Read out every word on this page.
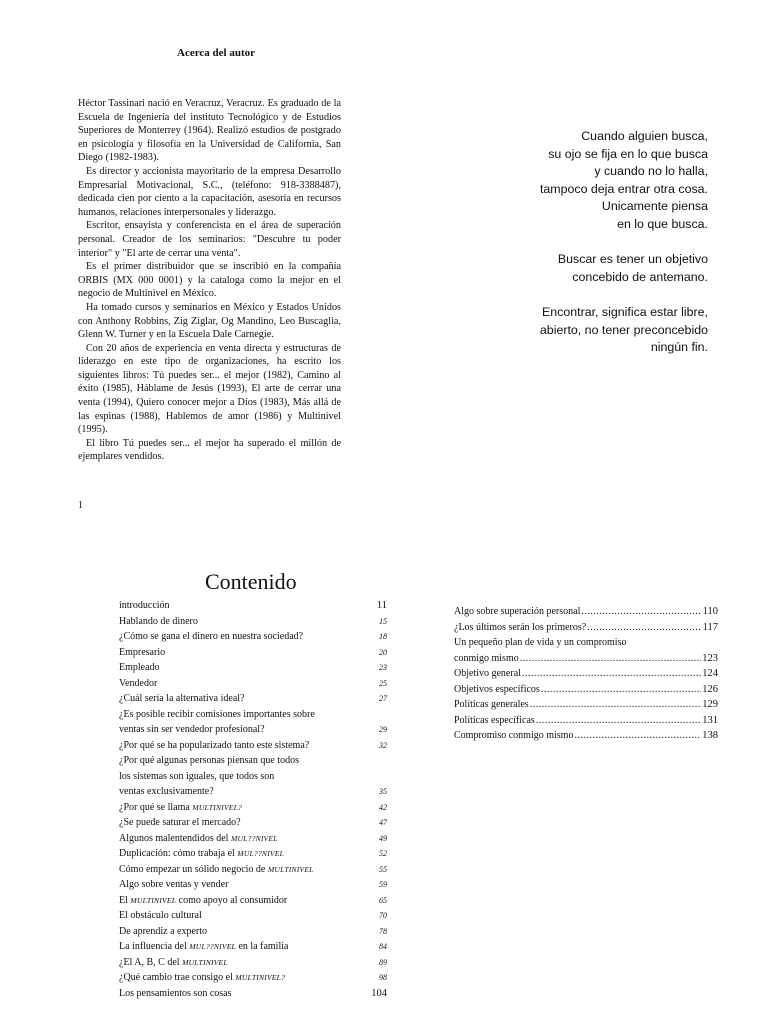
Acerca del autor

Héctor Tassinari nació en Veracruz, Veracruz. Es graduado de la Escuela de Ingeniería del instituto Tecnológico y de Estudios Superiores de Monterrey (1964). Realizó estudios de postgrado en psicología y filosofía en la Universidad de California, San Diego (1982-1983).

Es director y accionista mayoritario de la empresa Desarrollo Empresarial Motivacional, S.C., (teléfono: 918-3388487), dedicada cien por ciento a la capacitación, asesoría en recursos humanos, relaciones interpersonales y liderazgo.

Escritor, ensayista y conferencista en el área de superación personal. Creador de los seminarios: "Descubre tu poder interior" y "El arte de cerrar una venta".

Es el primer distribuidor que se inscribió en la compañía ORBIS (MX 000 0001) y la cataloga como la mejor en el negocio de Multinivel en México.

Ha tomado cursos y seminarios en México y Estados Unidos con Anthony Robbins, Zig Ziglar, Og Mandino, Leo Buscaglia, Glenn W. Turner y en la Escuela Dale Carnegie.

Con 20 años de experiencia en venta directa y estructuras de liderazgo en este tipo de organizaciones, ha escrito los siguientes libros: Tú puedes ser... el mejor (1982), Camino al éxito (1985), Háblame de Jesús (1993), El arte de cerrar una venta (1994), Quiero conocer mejor a Dios (1983), Más allá de las espinas (1988), Hablemos de amor (1986) y Multinivel (1995).

El libro Tú puedes ser... el mejor ha superado el millón de ejemplares vendidos.

1

Cuando alguien busca,
su ojo se fija en lo que busca
y cuando no lo halla,
tampoco deja entrar otra cosa.
Unicamente piensa
en lo que busca.

Buscar es tener un objetivo
concebido de antemano.

Encontrar, significa estar libre,
abierto, no tener preconcebido
ningún fin.

Contenido
introducción	11
Hablando de dinero	15
¿Cómo se gana el dinero en nuestra sociedad?	18
Empresario	20
Empleado	23
Vendedor	25
¿Cuál sería la alternativa ideal?	27
¿Es posible recibir comisiones importantes sobre
ventas sin ser vendedor profesional?	29
¿Por qué se ha popularizado tanto este sistema?	32
¿Por qué algunas personas piensan que todos
los sistemas son iguales, que todos son
ventas exclusivamente?	35
¿Por qué se llama MULTINIVEL?	42
¿Se puede saturar el mercado?	47
Algunos malentendidos del MUL??NIVEL	49
Duplicación: cómo trabaja el MUL??NIVEL	52
Cómo empezar un sólido negocio de MULTINIVEL	55
Algo sobre ventas y vender	59
El MULTINIVEL como apoyo al consumidor	65
El obstáculo cultural	70
De aprendiz a experto	78
La influencia del MUL??NIVEL en la familia	84
¿El A, B, C del MULTINIVEL	89
¿Qué cambio trae consigo el MULTINIVEL?	98
Los pensamientos son cosas	104
Algo sobre superación personal .....	110
¿Los últimos serán los primeros? .....	117
Un pequeño plan de vida y un compromiso
conmigo mismo .....	123
Objetivo general .....	124
Objetivos específicos .....	126
Políticas generales .....	129
Políticas específicas .....	131
Compromiso conmigo mismo .....	138
